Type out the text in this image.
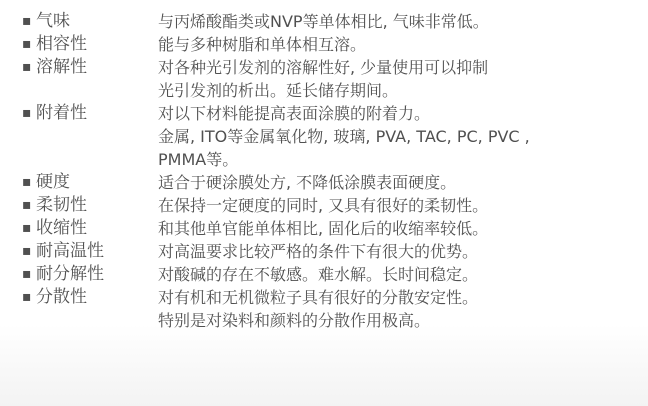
▪ 气味	与丙烯酸酯类或NVP等单体相比, 气味非常低。
▪ 相容性	能与多种树脂和单体相互溶。
▪ 溶解性	对各种光引发剂的溶解性好, 少量使用可以抑制
光引发剂的析出。延长储存期间。
▪ 附着性	对以下材料能提高表面涂膜的附着力。
金属, ITO等金属氧化物, 玻璃, PVA, TAC, PC, PVC ,
PMMA等。
▪ 硬度	适合于硬涂膜处方, 不降低涂膜表面硬度。
▪ 柔韧性	在保持一定硬度的同时, 又具有很好的柔韧性。
▪ 收缩性	和其他单官能单体相比, 固化后的收缩率较低。
▪ 耐高温性	对高温要求比较严格的条件下有很大的优势。
▪ 耐分解性	对酸碱的存在不敏感。难水解。长时间稳定。
▪ 分散性	对有机和无机微粒子具有很好的分散安定性。
特别是对染料和颜料的分散作用极高。
